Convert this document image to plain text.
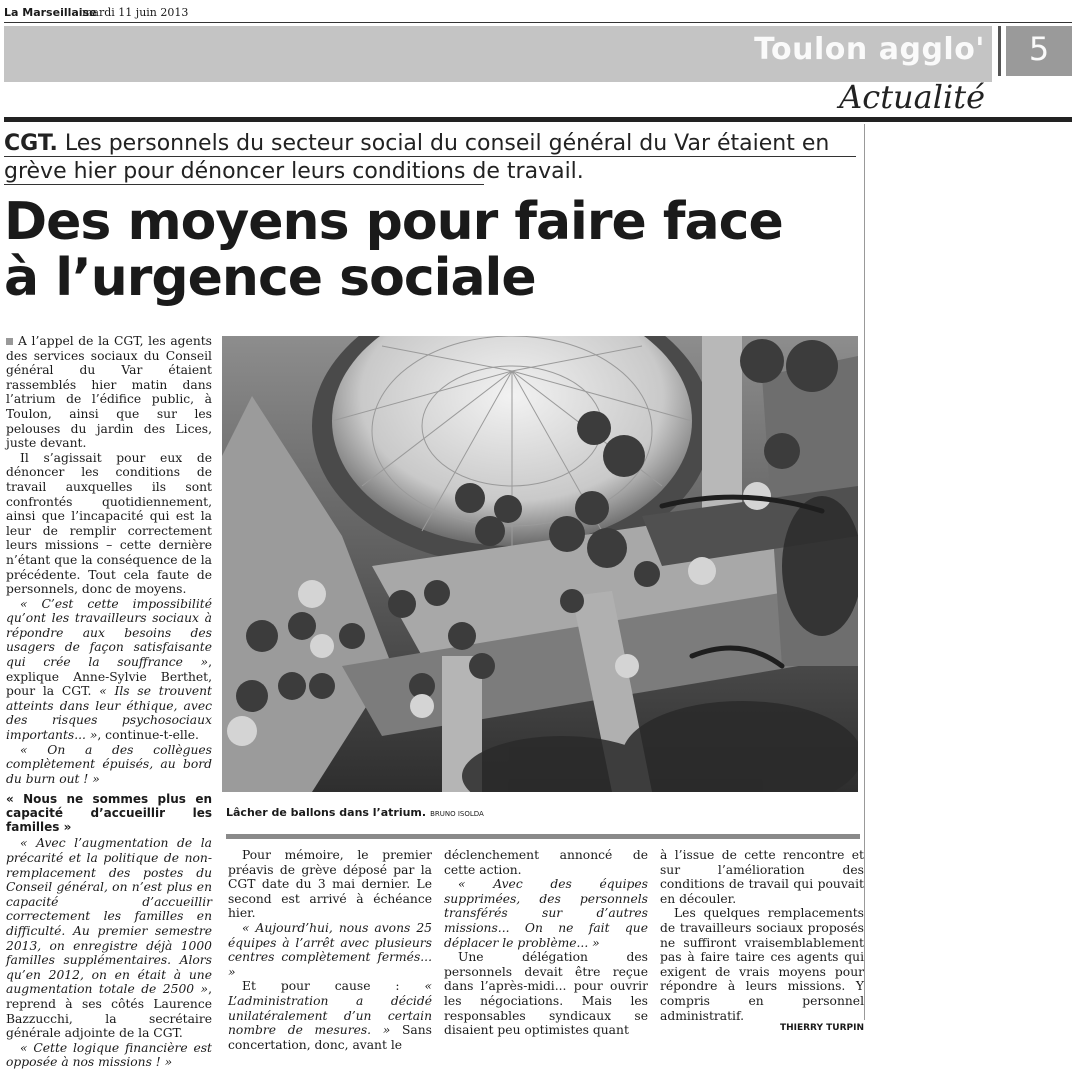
La Marseillaise
mardi 11 juin 2013
Toulon agglo'	5
Actualité
CGT. Les personnels du secteur social du conseil général du Var étaient en grève hier pour dénoncer leurs conditions de travail.
Des moyens pour faire face
à l’urgence sociale

A l’appel de la CGT, les agents des services sociaux du Conseil général du Var étaient rassemblés hier matin dans l’atrium de l’édifice public, à Toulon, ainsi que sur les pelouses du jardin des Lices, juste devant.

Il s’agissait pour eux de dénoncer les conditions de travail auxquelles ils sont confrontés quotidiennement, ainsi que l’incapacité qui est la leur de remplir correctement leurs missions – cette dernière n’étant que la conséquence de la précédente. Tout cela faute de personnels, donc de moyens.

« C’est cette impossibilité qu’ont les travailleurs sociaux à répondre aux besoins des usagers de façon satisfaisante qui crée la souffrance », explique Anne-Sylvie Berthet, pour la CGT. « Ils se trouvent atteints dans leur éthique, avec des risques psychosociaux importants... », continue-t-elle.

« On a des collègues complètement épuisés, au bord du burn out ! »

« Nous ne sommes plus en capacité d’accueillir les familles »

« Avec l’augmentation de la précarité et la politique de non-remplacement des postes du Conseil général, on n’est plus en capacité d’accueillir correctement les familles en difficulté. Au premier semestre 2013, on enregistre déjà 1000 familles supplémentaires. Alors qu’en 2012, on en était à une augmentation totale de 2500 », reprend à ses côtés Laurence Bazzucchi, la secrétaire générale adjointe de la CGT.

« Cette logique financière est opposée à nos missions ! »

Lâcher de ballons dans l’atrium. BRUNO ISOLDA

Pour mémoire, le premier préavis de grève déposé par la CGT date du 3 mai dernier. Le second est arrivé à échéance hier.

« Aujourd’hui, nous avons 25 équipes à l’arrêt avec plusieurs centres complètement fermés... »

Et pour cause : « L’administration a décidé unilatéralement d’un certain nombre de mesures. » Sans concertation, donc, avant le

déclenchement annoncé de cette action.

« Avec des équipes supprimées, des personnels transférés sur d’autres missions... On ne fait que déplacer le problème... »

Une délégation des personnels devait être reçue dans l’après-midi... pour ouvrir les négociations. Mais les responsables syndicaux se disaient peu optimistes quant

à l’issue de cette rencontre et sur l’amélioration des conditions de travail qui pouvait en découler.

Les quelques remplacements de travailleurs sociaux proposés ne suffiront vraisemblablement pas à faire taire ces agents qui exigent de vrais moyens pour répondre à leurs missions. Y compris en personnel administratif.

THIERRY TURPIN
